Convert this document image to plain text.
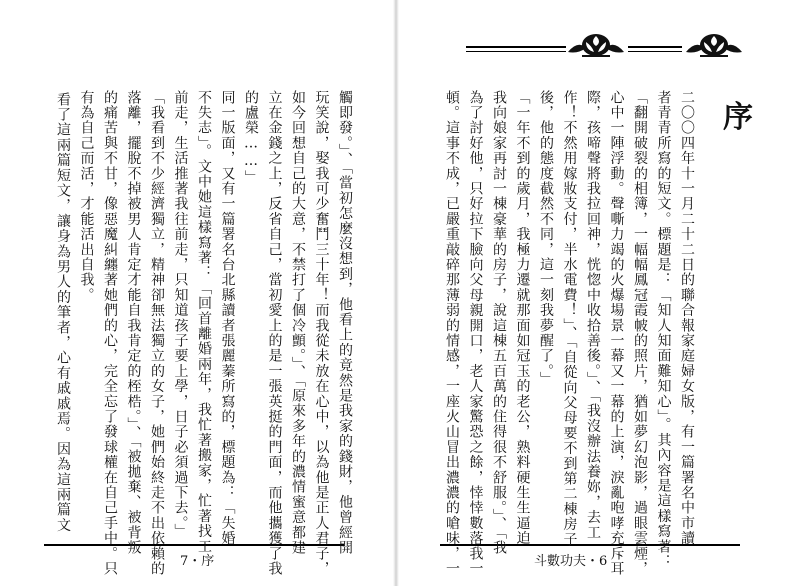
7・序
序
斗數功夫・6
看了這兩篇短文，讓身為男人的筆者，心有戚戚焉。因為這兩篇文 有為自己而活，才能活出自我。 的痛苦與不甘，像惡魔糾纏著她們的心，完全忘了發球權在自己手中。只 落離，擺脫不掉被男人肯定才能自我肯定的桎梏。」、「被拋棄、被背叛 「我看到不少經濟獨立，精神卻無法獨立的女子，她們始終走不出依賴的 前走，生活推著我往前走，只知道孩子要上學，日子必須過下去。」 不失志」。文中她這樣寫著：「回首離婚兩年，我忙著搬家，忙著找工 同一版面，又有一篇署名台北縣讀者張麗蓁所寫的，標題為：「失婚 的盧榮……」 立在金錢之上，反省自己，當初愛上的是一張英挺的門面，而他攜獲了我 如今回想自己的大意，不禁打了個冷顫。」、「原來多年的濃情蜜意都建 玩笑說，娶我可少奮鬥三十年！而我從未放在心中，以為他是正人君子， 觸即發。」、「當初怎麼沒想到，他看上的竟然是我家的錢財，他曾經開	二〇〇四年十一月二十二日的聯合報家庭婦女版，有一篇署名中市讀
者青青所寫的短文。標題是：「知人知面難知心」。其內容是這樣寫著：
「翻開破裂的相簿，一幅幅鳳冠霞帔的照片，猶如夢幻泡影，過眼雲煙，
心中一陣浮動。聲嘶力竭的火爆場景一幕又一幕的上演，淚亂咆哮充斥耳
際，孩啼聲將我拉回神，恍惚中收拾善後。」、「我沒辦法養妳，去工
作！不然用嫁妝支付，半水電費！」、「自從向父母要不到第二棟房子
後，他的態度截然不同，這一刻我夢醒了。」
「一年不到的歲月，我極力遷就那面如冠玉的老公，熟料硬生生逼迫
我向娘家再討一棟豪華的房子，說這棟五百萬的住得很不舒服。」、「我
為了討好他，只好拉下臉向父母親開口，老人家驚恐之餘，悻悻數落我一
頓。這事不成，已嚴重敲碎那薄弱的情感，一座火山冒出濃濃的嗆味，一
